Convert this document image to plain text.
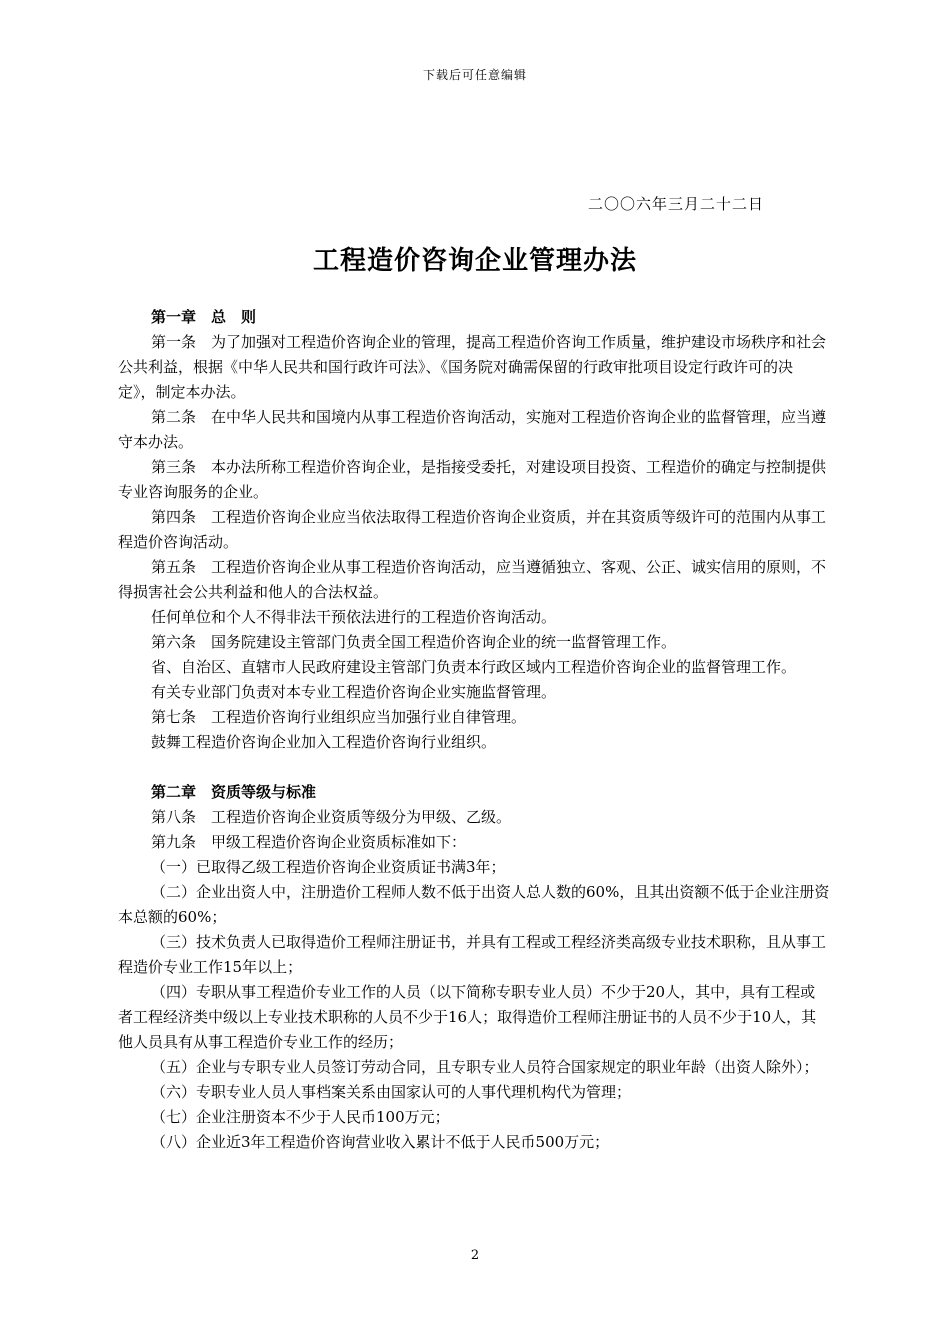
下载后可任意编辑
二〇〇六年三月二十二日
工程造价咨询企业管理办法

第一章　总　则

第一条　为了加强对工程造价咨询企业的管理，提高工程造价咨询工作质量，维护建设市场秩序和社会公共利益，根据《中华人民共和国行政许可法》、《国务院对确需保留的行政审批项目设定行政许可的决定》，制定本办法。

第二条　在中华人民共和国境内从事工程造价咨询活动，实施对工程造价咨询企业的监督管理，应当遵守本办法。

第三条　本办法所称工程造价咨询企业，是指接受委托，对建设项目投资、工程造价的确定与控制提供专业咨询服务的企业。

第四条　工程造价咨询企业应当依法取得工程造价咨询企业资质，并在其资质等级许可的范围内从事工程造价咨询活动。

第五条　工程造价咨询企业从事工程造价咨询活动，应当遵循独立、客观、公正、诚实信用的原则，不得损害社会公共利益和他人的合法权益。

任何单位和个人不得非法干预依法进行的工程造价咨询活动。

第六条　国务院建设主管部门负责全国工程造价咨询企业的统一监督管理工作。

省、自治区、直辖市人民政府建设主管部门负责本行政区域内工程造价咨询企业的监督管理工作。

有关专业部门负责对本专业工程造价咨询企业实施监督管理。

第七条　工程造价咨询行业组织应当加强行业自律管理。

鼓舞工程造价咨询企业加入工程造价咨询行业组织。

第二章　资质等级与标准

第八条　工程造价咨询企业资质等级分为甲级、乙级。

第九条　甲级工程造价咨询企业资质标准如下：

（一）已取得乙级工程造价咨询企业资质证书满3年；

（二）企业出资人中，注册造价工程师人数不低于出资人总人数的60%，且其出资额不低于企业注册资本总额的60%；

（三）技术负责人已取得造价工程师注册证书，并具有工程或工程经济类高级专业技术职称，且从事工程造价专业工作15年以上；

（四）专职从事工程造价专业工作的人员（以下简称专职专业人员）不少于20人，其中，具有工程或者工程经济类中级以上专业技术职称的人员不少于16人；取得造价工程师注册证书的人员不少于10人，其他人员具有从事工程造价专业工作的经历；

（五）企业与专职专业人员签订劳动合同，且专职专业人员符合国家规定的职业年龄（出资人除外）；

（六）专职专业人员人事档案关系由国家认可的人事代理机构代为管理；

（七）企业注册资本不少于人民币100万元；

（八）企业近3年工程造价咨询营业收入累计不低于人民币500万元；

2
